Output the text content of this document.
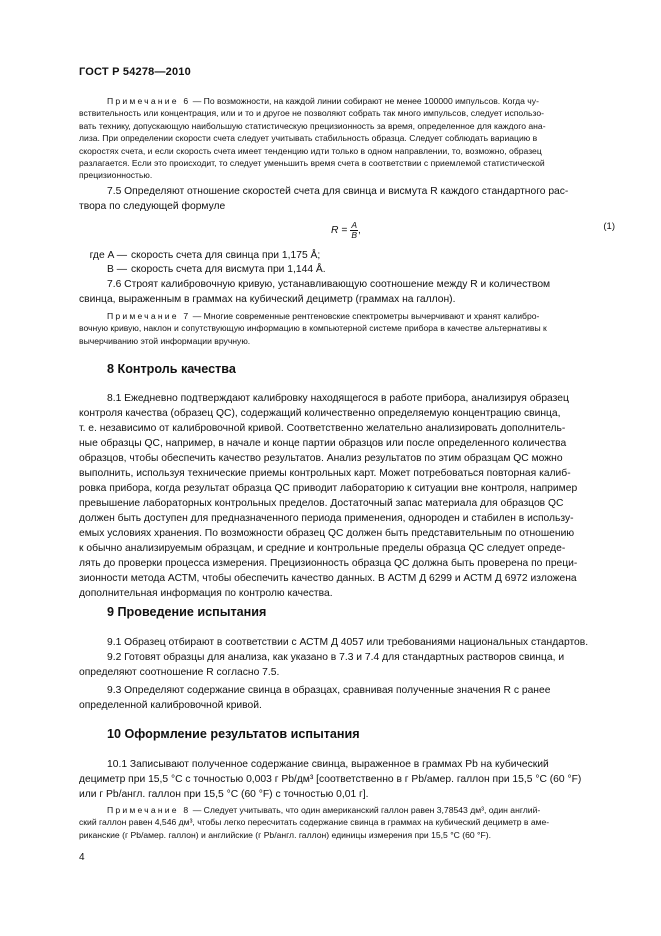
ГОСТ Р 54278—2010
Примечание 6 — По возможности, на каждой линии собирают не менее 100000 импульсов. Когда чу-
вствительность или концентрация, или и то и другое не позволяют собрать так много импульсов, следует использо-
вать технику, допускающую наибольшую статистическую прецизионность за время, определенное для каждого ана-
лиза. При определении скорости счета следует учитывать стабильность образца. Следует соблюдать вариацию в
скоростях счета, и если скорость счета имеет тенденцию идти только в одном направлении, то, возможно, образец
разлагается. Если это происходит, то следует уменьшить время счета в соответствии с приемлемой статистической
прецизионностью.
7.5 Определяют отношение скоростей счета для свинца и висмута R каждого стандартного рас-
твора по следующей формуле
$R = \frac{A}{B}$ ,	(1)
где A — скорость счета для свинца при 1,175 Å;
B — скорость счета для висмута при 1,144 Å.
7.6 Строят калибровочную кривую, устанавливающую соотношение между R и количеством
свинца, выраженным в граммах на кубический дециметр (граммах на галлон).
Примечание 7 — Многие современные рентгеновские спектрометры вычерчивают и хранят калибро-
вочную кривую, наклон и сопутствующую информацию в компьютерной системе прибора в качестве альтернативы к
вычерчиванию этой информации вручную.
8 Контроль качества
8.1 Ежедневно подтверждают калибровку находящегося в работе прибора, анализируя образец
контроля качества (образец QC), содержащий количественно определяемую концентрацию свинца,
т. е. независимо от калибровочной кривой. Соответственно желательно анализировать дополнитель-
ные образцы QC, например, в начале и конце партии образцов или после определенного количества
образцов, чтобы обеспечить качество результатов. Анализ результатов по этим образцам QC можно
выполнить, используя технические приемы контрольных карт. Может потребоваться повторная калиб-
ровка прибора, когда результат образца QC приводит лабораторию к ситуации вне контроля, например
превышение лабораторных контрольных пределов. Достаточный запас материала для образцов QC
должен быть доступен для предназначенного периода применения, однороден и стабилен в использу-
емых условиях хранения. По возможности образец QC должен быть представительным по отношению
к обычно анализируемым образцам, и средние и контрольные пределы образца QC следует опреде-
лять до проверки процесса измерения. Прецизионность образца QC должна быть проверена по преци-
зионности метода АСТМ, чтобы обеспечить качество данных. В АСТМ Д 6299 и АСТМ Д 6972 изложена
дополнительная информация по контролю качества.
9 Проведение испытания
9.1 Образец отбирают в соответствии с АСТМ Д 4057 или требованиями национальных стандартов.
9.2 Готовят образцы для анализа, как указано в 7.3 и 7.4 для стандартных растворов свинца, и
определяют соотношение R согласно 7.5.
9.3 Определяют содержание свинца в образцах, сравнивая полученные значения R с ранее
определенной калибровочной кривой.
10 Оформление результатов испытания
10.1 Записывают полученное содержание свинца, выраженное в граммах Pb на кубический
дециметр при 15,5 °С с точностью 0,003 г Pb/дм³ [соответственно в г Pb/амер. галлон при 15,5 °С (60 °F)
или г Pb/англ. галлон при 15,5 °С (60 °F) с точностью 0,01 г].
Примечание 8 — Следует учитывать, что один американский галлон равен 3,78543 дм³, один англий-
ский галлон равен 4,546 дм³, чтобы легко пересчитать содержание свинца в граммах на кубический дециметр в аме-
риканские (г Pb/амер. галлон) и английские (г Pb/англ. галлон) единицы измерения при 15,5 °С (60 °F).
4
